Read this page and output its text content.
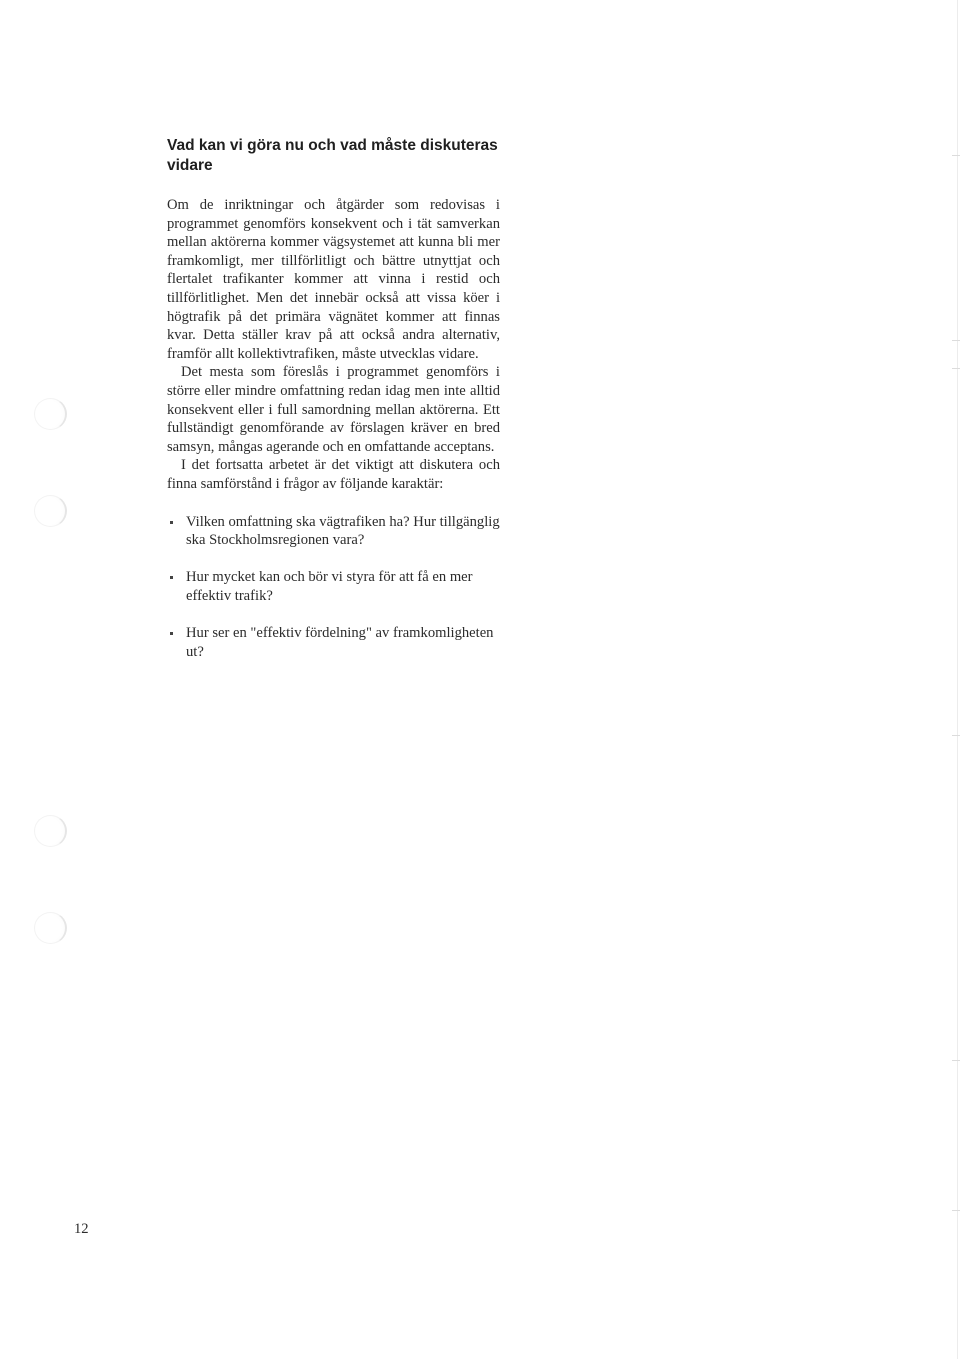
Vad kan vi göra nu och vad måste diskuteras vidare

Om de inriktningar och åtgärder som redovisas i programmet genomförs konsekvent och i tät samverkan mellan aktörerna kommer vägsystemet att kunna bli mer framkomligt, mer tillförlitligt och bättre utnyttjat och flertalet trafikanter kommer att vinna i restid och tillförlitlighet. Men det innebär också att vissa köer i högtrafik på det primära vägnätet kommer att finnas kvar. Detta ställer krav på att också andra alternativ, framför allt kollektivtrafiken, måste utvecklas vidare.

Det mesta som föreslås i programmet genomförs i större eller mindre omfattning redan idag men inte alltid konsekvent eller i full samordning mellan aktörerna. Ett fullständigt genomförande av förslagen kräver en bred samsyn, mångas agerande och en omfattande acceptans.

I det fortsatta arbetet är det viktigt att diskutera och finna samförstånd i frågor av följande karaktär:

Vilken omfattning ska vägtrafiken ha? Hur tillgänglig ska Stockholmsregionen vara?
Hur mycket kan och bör vi styra för att få en mer effektiv trafik?
Hur ser en "effektiv fördelning" av framkomligheten ut?
12
